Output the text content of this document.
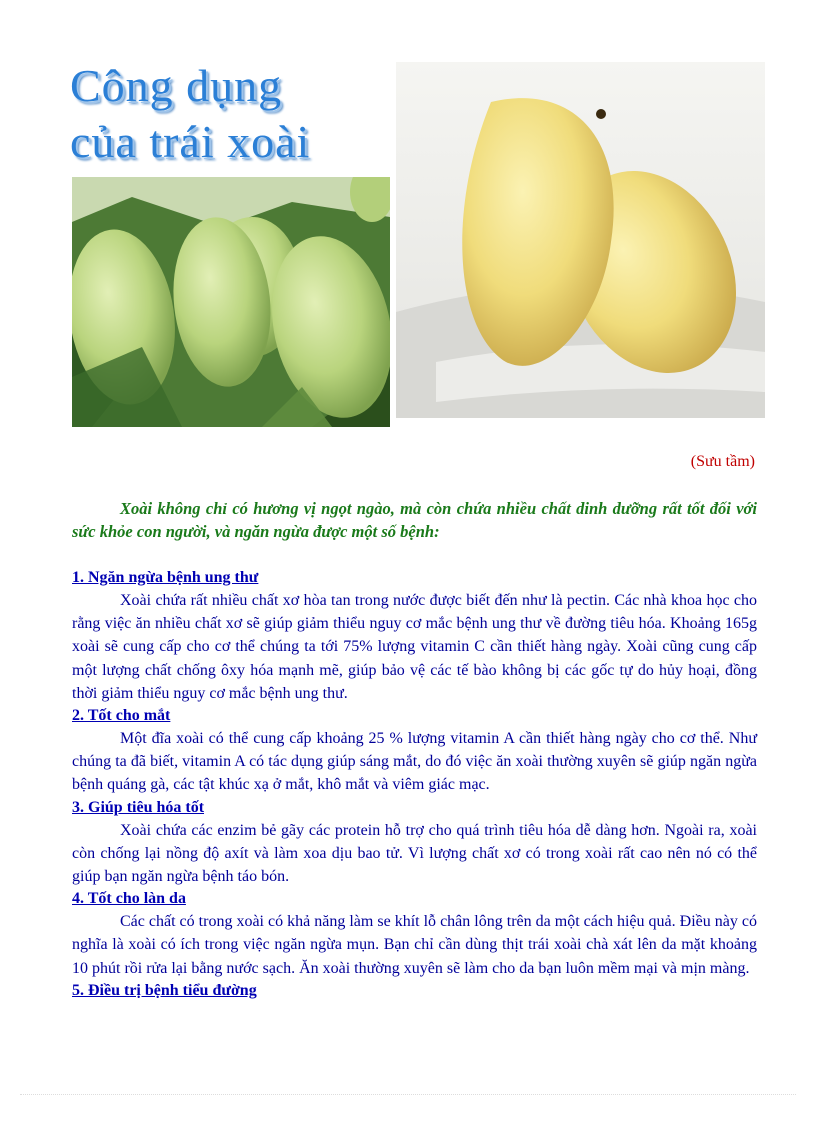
Công dụng
của trái xoài
(Sưu tầm)
Xoài không chỉ có hương vị ngọt ngào, mà còn chứa nhiều chất dinh dưỡng rất tốt đối với sức khỏe con người, và ngăn ngừa được một số bệnh:
1. Ngăn ngừa bệnh ung thư
Xoài chứa rất nhiều chất xơ hòa tan trong nước được biết đến như là pectin. Các nhà khoa học cho rằng việc ăn nhiều chất xơ sẽ giúp giảm thiểu nguy cơ mắc bệnh ung thư về đường tiêu hóa. Khoảng 165g xoài sẽ cung cấp cho cơ thể chúng ta tới 75% lượng vitamin C cần thiết hàng ngày. Xoài cũng cung cấp một lượng chất chống ôxy hóa mạnh mẽ, giúp bảo vệ các tế bào không bị các gốc tự do hủy hoại, đồng thời giảm thiểu nguy cơ mắc bệnh ung thư.
2. Tốt cho mắt
Một đĩa xoài có thể cung cấp khoảng 25 % lượng vitamin A cần thiết hàng ngày cho cơ thể. Như chúng ta đã biết, vitamin A có tác dụng giúp sáng mắt, do đó việc ăn xoài thường xuyên sẽ giúp ngăn ngừa bệnh quáng gà, các tật khúc xạ ở mắt, khô mắt và viêm giác mạc.
3. Giúp tiêu hóa tốt
Xoài chứa các enzim bẻ gãy các protein hỗ trợ cho quá trình tiêu hóa dễ dàng hơn. Ngoài ra, xoài còn chống lại nồng độ axít và làm xoa dịu bao tử. Vì lượng chất xơ có trong xoài rất cao nên nó có thể giúp bạn ngăn ngừa bệnh táo bón.
4. Tốt cho làn da
Các chất có trong xoài có khả năng làm se khít lỗ chân lông trên da một cách hiệu quả. Điều này có nghĩa là xoài có ích trong việc ngăn ngừa mụn. Bạn chỉ cần dùng thịt trái xoài chà xát lên da mặt khoảng 10 phút rồi rửa lại bằng nước sạch. Ăn xoài thường xuyên sẽ làm cho da bạn luôn mềm mại và mịn màng.
5. Điều trị bệnh tiểu đường
